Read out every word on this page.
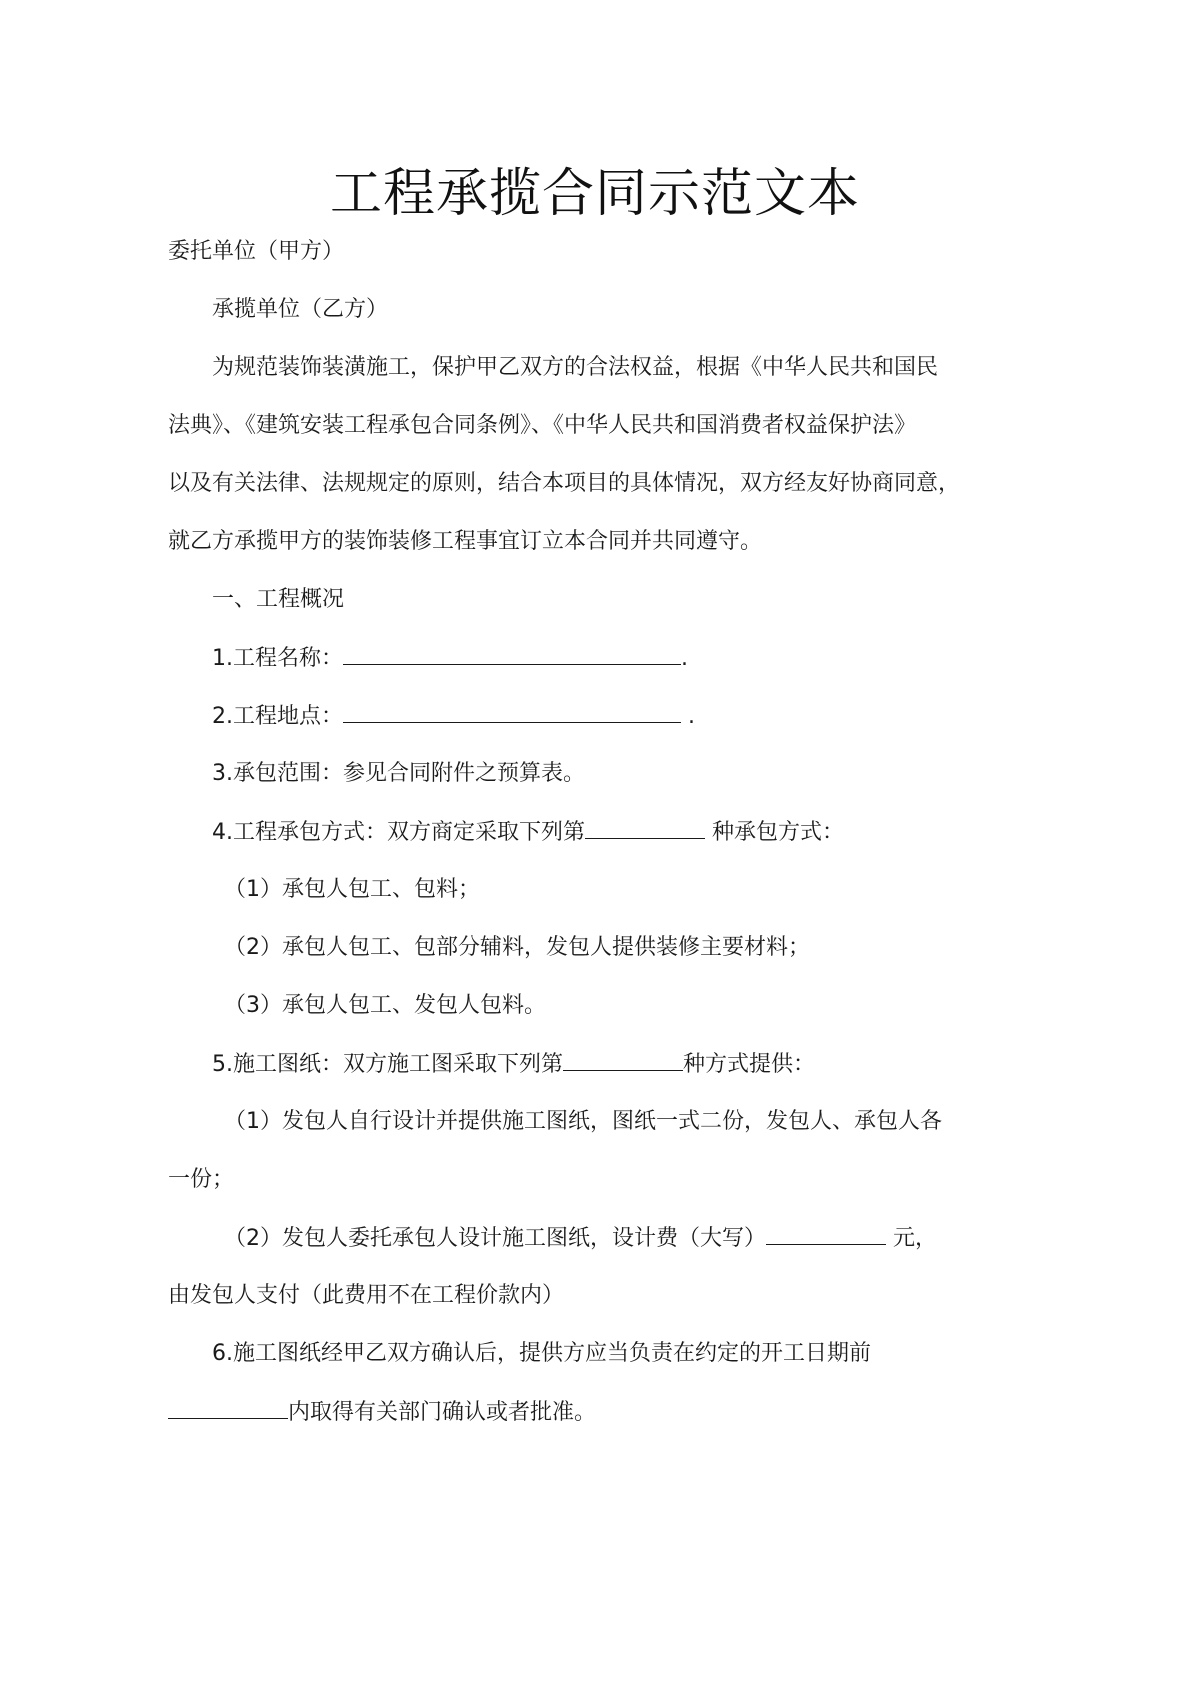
工程承揽合同示范文本
委托单位（甲方）
承揽单位（乙方）
为规范装饰装潢施工，保护甲乙双方的合法权益，根据《中华人民共和国民
法典》、《建筑安装工程承包合同条例》、《中华人民共和国消费者权益保护法》
以及有关法律、法规规定的原则，结合本项目的具体情况，双方经友好协商同意，
就乙方承揽甲方的装饰装修工程事宜订立本合同并共同遵守。
一、工程概况
1.工程名称：	.
2.工程地点：	.
3.承包范围：参见合同附件之预算表。
4.工程承包方式：双方商定采取下列第	种承包方式：
（1）承包人包工、包料；
（2）承包人包工、包部分辅料，发包人提供装修主要材料；
（3）承包人包工、发包人包料。
5.施工图纸：双方施工图采取下列第	种方式提供：
（1）发包人自行设计并提供施工图纸，图纸一式二份，发包人、承包人各
一份；
（2）发包人委托承包人设计施工图纸，设计费（大写）	元，
由发包人支付（此费用不在工程价款内）
6.施工图纸经甲乙双方确认后，提供方应当负责在约定的开工日期前
内取得有关部门确认或者批准。
